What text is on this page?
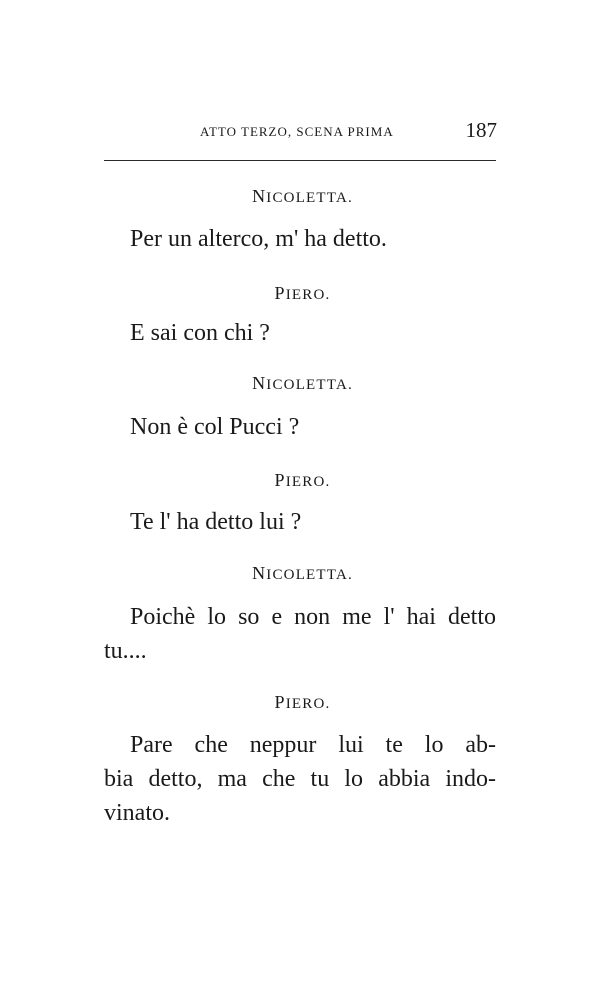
ATTO TERZO, SCENA PRIMA	187
NICOLETTA.
Per un alterco, m' ha detto.
PIERO.
E sai con chi ?
NICOLETTA.
Non è col Pucci ?
PIERO.
Te l' ha detto lui ?
NICOLETTA.
Poichè lo so e non me l' hai detto
tu....
PIERO.
Pare che neppur lui te lo ab-
bia detto, ma che tu lo abbia indo-
vinato.
